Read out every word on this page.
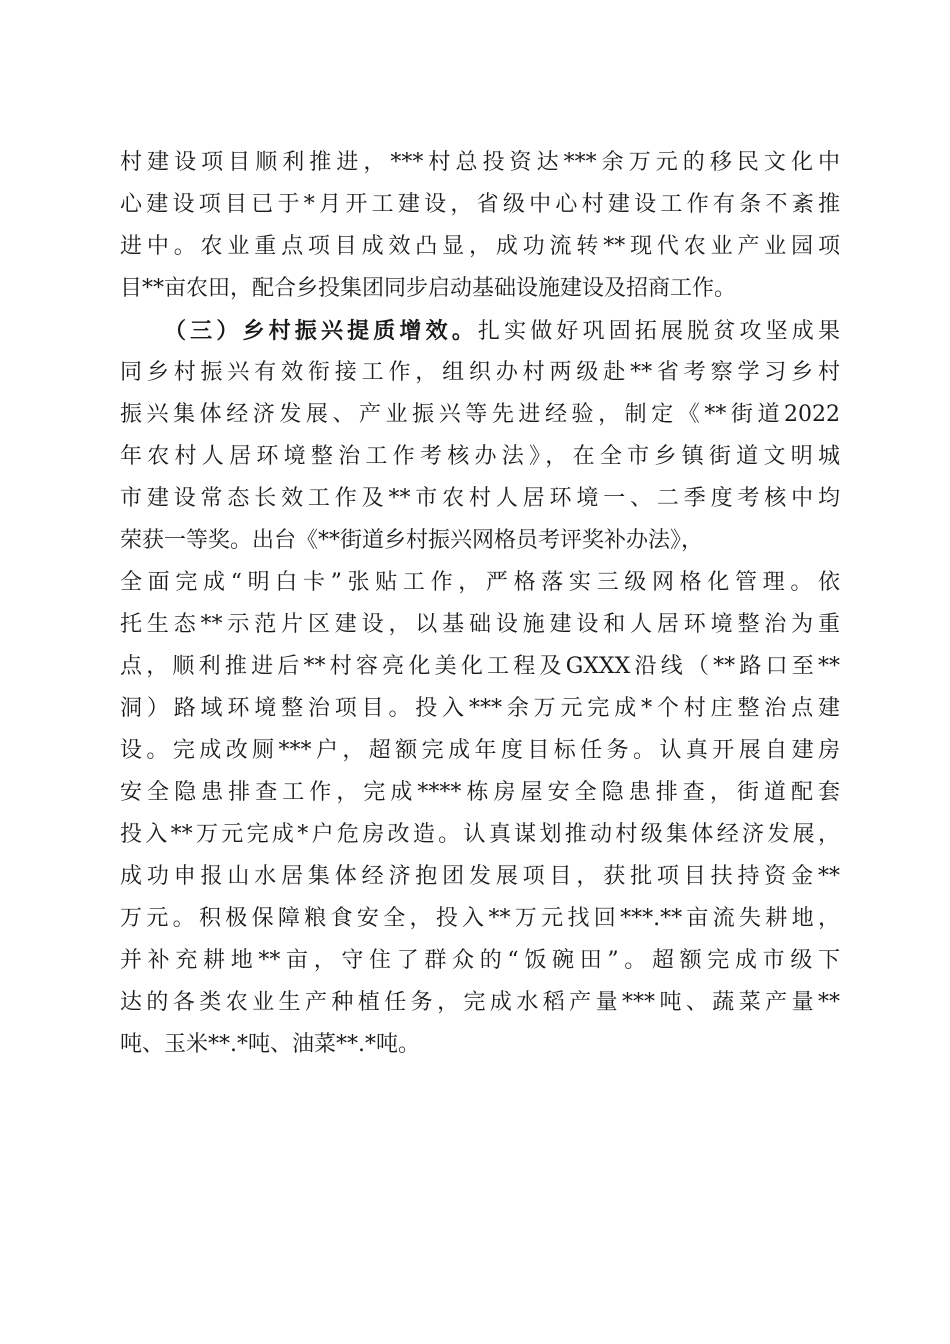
村建设项目顺利推进，***村总投资达***余万元的移民文化中
心建设项目已于*月开工建设，省级中心村建设工作有条不紊推
进中。农业重点项目成效凸显，成功流转**现代农业产业园项
目**亩农田，配合乡投集团同步启动基础设施建设及招商工作。
（三）乡村振兴提质增效。扎实做好巩固拓展脱贫攻坚成果
同乡村振兴有效衔接工作，组织办村两级赴**省考察学习乡村
振兴集体经济发展、产业振兴等先进经验，制定《**街道2022
年农村人居环境整治工作考核办法》，在全市乡镇街道文明城
市建设常态长效工作及**市农村人居环境一、二季度考核中均
荣获一等奖。出台《**街道乡村振兴网格员考评奖补办法》，
全面完成“明白卡”张贴工作，严格落实三级网格化管理。依
托生态**示范片区建设，以基础设施建设和人居环境整治为重
点，顺利推进后**村容亮化美化工程及GXXX沿线（**路口至**
洞）路域环境整治项目。投入***余万元完成*个村庄整治点建
设。完成改厕***户，超额完成年度目标任务。认真开展自建房
安全隐患排查工作，完成****栋房屋安全隐患排查，街道配套
投入**万元完成*户危房改造。认真谋划推动村级集体经济发展，
成功申报山水居集体经济抱团发展项目，获批项目扶持资金**
万元。积极保障粮食安全，投入**万元找回***.**亩流失耕地，
并补充耕地**亩，守住了群众的“饭碗田”。超额完成市级下
达的各类农业生产种植任务，完成水稻产量***吨、蔬菜产量**
吨、玉米**.*吨、油菜**.*吨。
